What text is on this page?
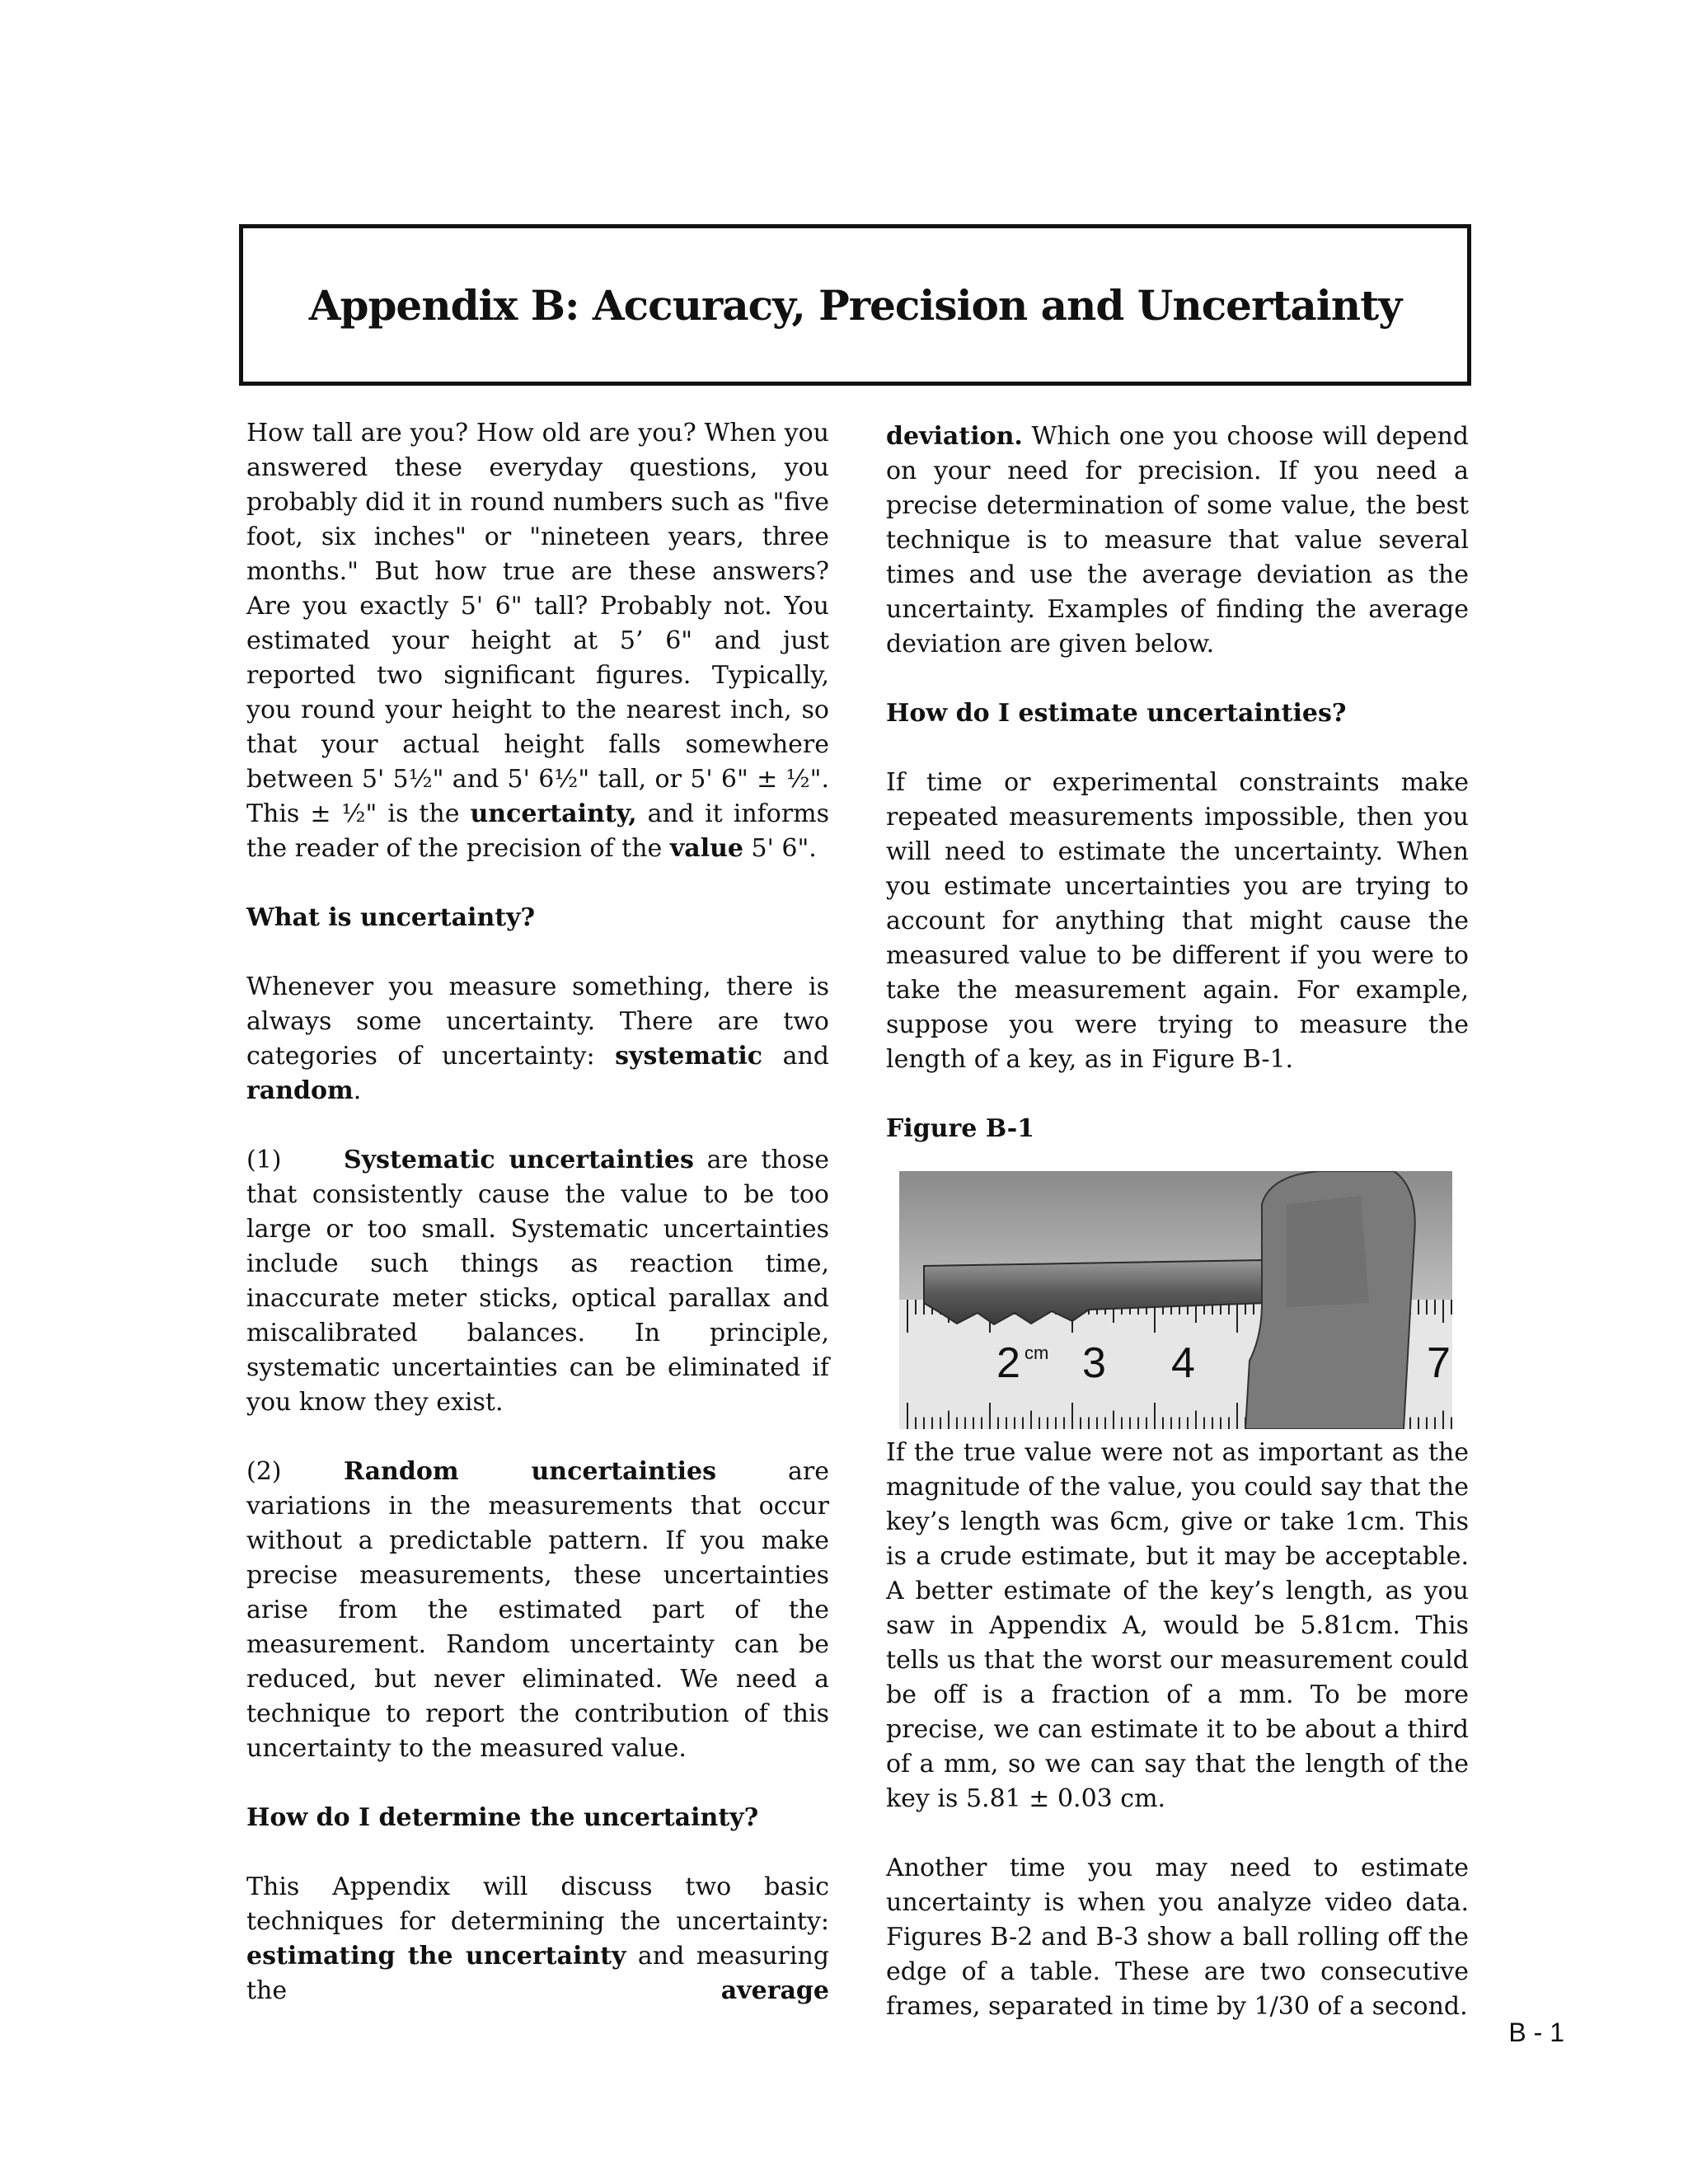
Appendix B: Accuracy, Precision and Uncertainty

How tall are you? How old are you? When you answered these everyday questions, you probably did it in round numbers such as "five foot, six inches" or "nineteen years, three months." But how true are these answers? Are you exactly 5' 6" tall? Probably not. You estimated your height at 5’ 6" and just reported two significant figures. Typically, you round your height to the nearest inch, so that your actual height falls somewhere between 5' 5½" and 5' 6½" tall, or 5' 6" ± ½". This ± ½" is the uncertainty, and it informs the reader of the precision of the value 5' 6".

What is uncertainty?

Whenever you measure something, there is always some uncertainty. There are two categories of uncertainty: systematic and random.

(1)	Systematic uncertainties are those that consistently cause the value to be too large or too small. Systematic uncertainties include such things as reaction time, inaccurate meter sticks, optical parallax and miscalibrated balances. In principle, systematic uncertainties can be eliminated if you know they exist.

(2)	Random uncertainties are variations in the measurements that occur without a predictable pattern. If you make precise measurements, these uncertainties arise from the estimated part of the measurement. Random uncertainty can be reduced, but never eliminated. We need a technique to report the contribution of this uncertainty to the measured value.

How do I determine the uncertainty?

This Appendix will discuss two basic techniques for determining the uncertainty: estimating the uncertainty and measuring the average

deviation. Which one you choose will depend on your need for precision. If you need a precise determination of some value, the best technique is to measure that value several times and use the average deviation as the uncertainty. Examples of finding the average deviation are given below.

How do I estimate uncertainties?

If time or experimental constraints make repeated measurements impossible, then you will need to estimate the uncertainty. When you estimate uncertainties you are trying to account for anything that might cause the measured value to be different if you were to take the measurement again. For example, suppose you were trying to measure the length of a key, as in Figure B-1.

Figure B-1

2 cm 3 4	7

If the true value were not as important as the magnitude of the value, you could say that the key’s length was 6cm, give or take 1cm. This is a crude estimate, but it may be acceptable. A better estimate of the key’s length, as you saw in Appendix A, would be 5.81cm. This tells us that the worst our measurement could be off is a fraction of a mm. To be more precise, we can estimate it to be about a third of a mm, so we can say that the length of the key is 5.81 ± 0.03 cm.

Another time you may need to estimate uncertainty is when you analyze video data. Figures B-2 and B-3 show a ball rolling off the edge of a table. These are two consecutive frames, separated in time by 1/30 of a second.

B - 1
